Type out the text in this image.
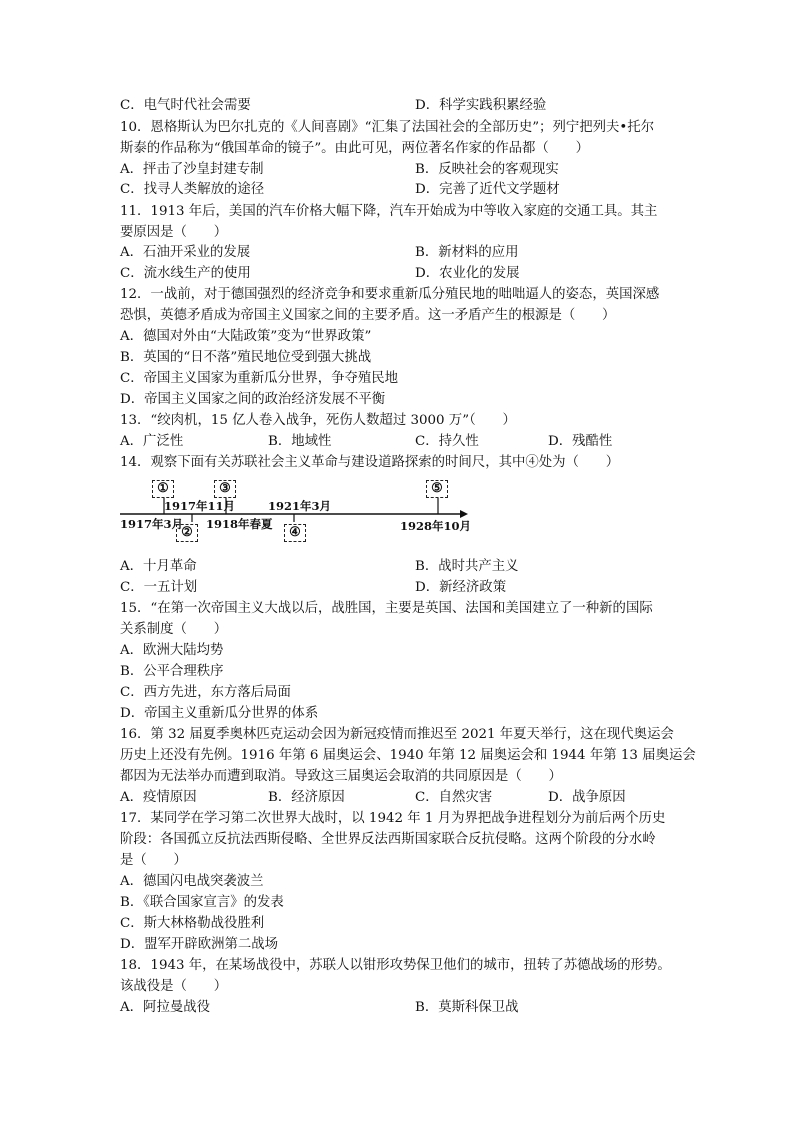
C．电气时代社会需要	D．科学实践积累经验
10．恩格斯认为巴尔扎克的《人间喜剧》“汇集了法国社会的全部历史”；列宁把列夫•托尔
斯泰的作品称为“俄国革命的镜子”。由此可见，两位著名作家的作品都（　　）
A．抨击了沙皇封建专制	B．反映社会的客观现实
C．找寻人类解放的途径	D．完善了近代文学题材
11．1913 年后，美国的汽车价格大幅下降，汽车开始成为中等收入家庭的交通工具。其主
要原因是（　　）
A．石油开采业的发展	B．新材料的应用
C．流水线生产的使用	D．农业化的发展
12．一战前，对于德国强烈的经济竞争和要求重新瓜分殖民地的咄咄逼人的姿态，英国深感
恐惧，英德矛盾成为帝国主义国家之间的主要矛盾。这一矛盾产生的根源是（　　）
A．德国对外由“大陆政策”变为“世界政策”
B．英国的“日不落”殖民地位受到强大挑战
C．帝国主义国家为重新瓜分世界，争夺殖民地
D．帝国主义国家之间的政治经济发展不平衡
13．“绞肉机，15 亿人卷入战争，死伤人数超过 3000 万”（　　）
A．广泛性	B．地域性	C．持久性	D．残酷性
14．观察下面有关苏联社会主义革命与建设道路探索的时间尺，其中④处为（　　）
①
②
③
④
⑤
1917年3月
1917年11月
1918年春夏
1921年3月
1928年10月
A．十月革命	B．战时共产主义
C．一五计划	D．新经济政策
15．“在第一次帝国主义大战以后，战胜国，主要是英国、法国和美国建立了一种新的国际
关系制度（　　）
A．欧洲大陆均势
B．公平合理秩序
C．西方先进，东方落后局面
D．帝国主义重新瓜分世界的体系
16．第 32 届夏季奥林匹克运动会因为新冠疫情而推迟至 2021 年夏天举行，这在现代奥运会
历史上还没有先例。1916 年第 6 届奥运会、1940 年第 12 届奥运会和 1944 年第 13 届奥运会
都因为无法举办而遭到取消。导致这三届奥运会取消的共同原因是（　　）
A．疫情原因	B．经济原因	C．自然灾害	D．战争原因
17．某同学在学习第二次世界大战时，以 1942 年 1 月为界把战争进程划分为前后两个历史
阶段：各国孤立反抗法西斯侵略、全世界反法西斯国家联合反抗侵略。这两个阶段的分水岭
是（　　）
A．德国闪电战突袭波兰
B．《联合国家宣言》的发表
C．斯大林格勒战役胜利
D．盟军开辟欧洲第二战场
18．1943 年，在某场战役中，苏联人以钳形攻势保卫他们的城市，扭转了苏德战场的形势。
该战役是（　　）
A．阿拉曼战役	B．莫斯科保卫战
